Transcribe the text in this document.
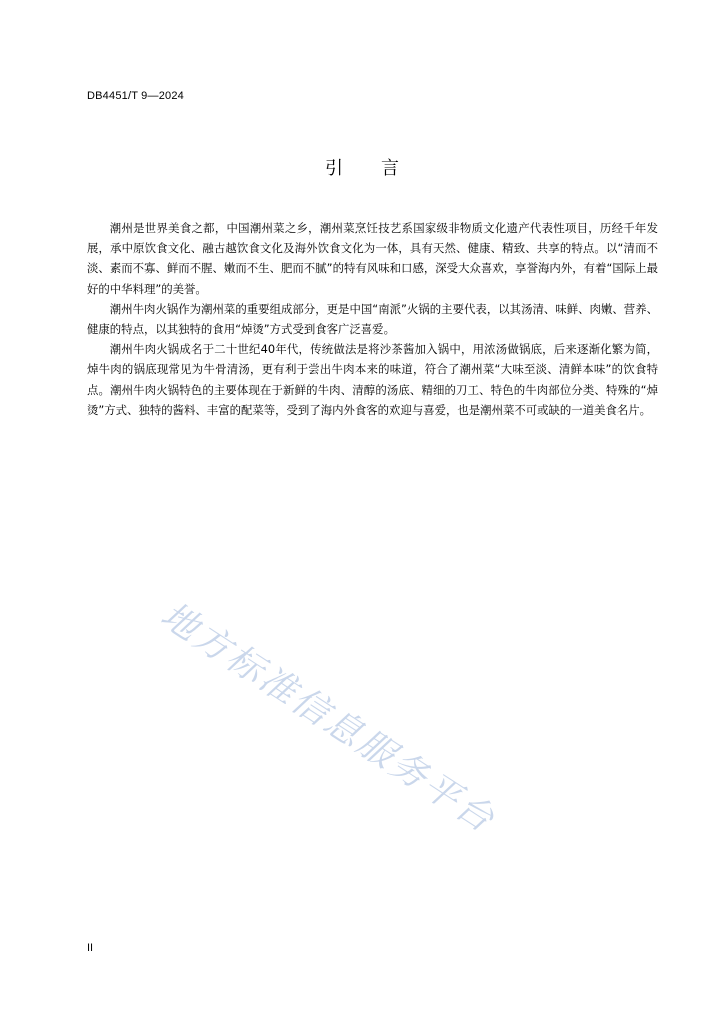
DB4451/T 9—2024
引言

潮州是世界美食之都，中国潮州菜之乡，潮州菜烹饪技艺系国家级非物质文化遗产代表性项目，历经千年发展，承中原饮食文化、融古越饮食文化及海外饮食文化为一体，具有天然、健康、精致、共享的特点。以“清而不淡、素而不寡、鲜而不腥、嫩而不生、肥而不腻”的特有风味和口感，深受大众喜欢，享誉海内外，有着“国际上最好的中华料理”的美誉。

潮州牛肉火锅作为潮州菜的重要组成部分，更是中国“南派”火锅的主要代表，以其汤清、味鲜、肉嫩、营养、健康的特点，以其独特的食用“焯烫”方式受到食客广泛喜爱。

潮州牛肉火锅成名于二十世纪40年代，传统做法是将沙茶酱加入锅中，用浓汤做锅底，后来逐渐化繁为简，焯牛肉的锅底现常见为牛骨清汤，更有利于尝出牛肉本来的味道，符合了潮州菜“大味至淡、清鲜本味”的饮食特点。潮州牛肉火锅特色的主要体现在于新鲜的牛肉、清醇的汤底、精细的刀工、特色的牛肉部位分类、特殊的“焯烫”方式、独特的酱料、丰富的配菜等，受到了海内外食客的欢迎与喜爱，也是潮州菜不可或缺的一道美食名片。

地方标准信息服务平台
II
